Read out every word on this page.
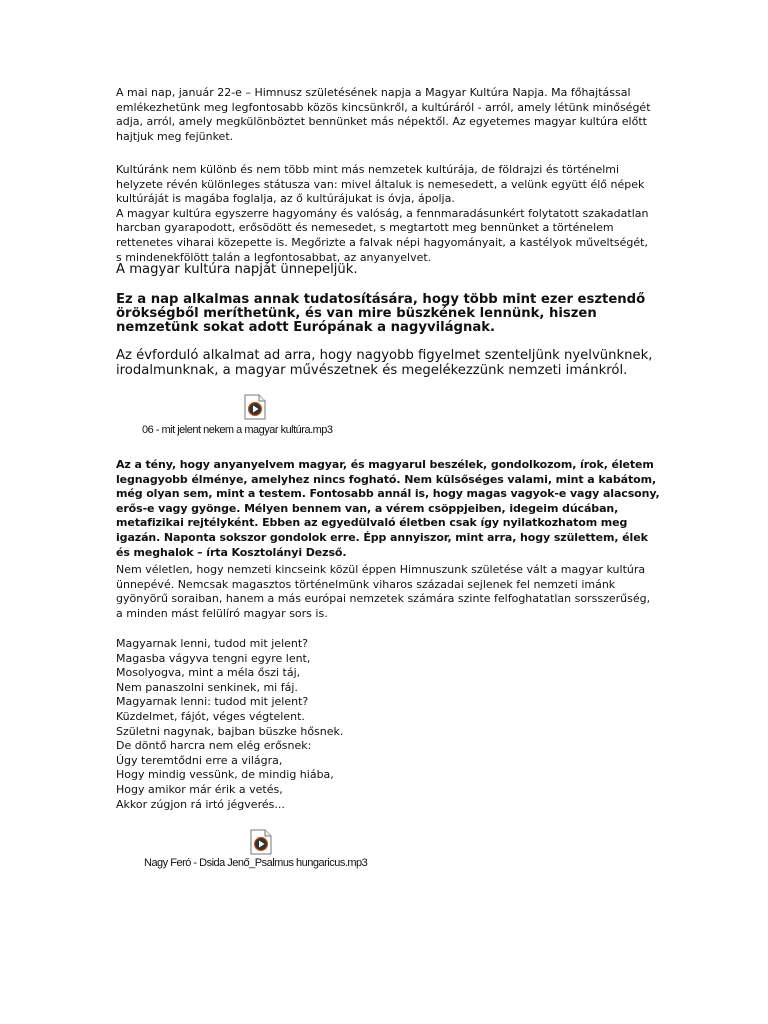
A mai nap, január 22-e – Himnusz születésének napja a Magyar Kultúra Napja. Ma főhajtással emlékezhetünk meg legfontosabb közös kincsünkről, a kultúráról - arról, amely létünk minőségét adja, arról, amely megkülönböztet bennünket más népektől. Az egyetemes magyar kultúra előtt hajtjuk meg fejünket.

Kultúránk nem különb és nem több mint más nemzetek kultúrája, de földrajzi és történelmi helyzete révén különleges státusza van: mivel általuk is nemesedett, a velünk együtt élő népek kultúráját is magába foglalja, az ő kultúrájukat is óvja, ápolja.

A magyar kultúra egyszerre hagyomány és valóság, a fennmaradásunkért folytatott szakadatlan harcban gyarapodott, erősödött és nemesedet, s megtartott meg bennünket a történelem rettenetes viharai közepette is. Megőrizte a falvak népi hagyományait, a kastélyok műveltségét, s mindenekfölött talán a legfontosabbat, az anyanyelvet.

A magyar kultúra napját ünnepeljük.

Ez a nap alkalmas annak tudatosítására, hogy több mint ezer esztendő örökségből meríthetünk, és van mire büszkének lennünk, hiszen nemzetünk sokat adott Európának a nagyvilágnak.

Az évforduló alkalmat ad arra, hogy nagyobb figyelmet szenteljünk nyelvünknek, irodalmunknak, a magyar művészetnek és megelékezzünk nemzeti imánkról.

06 - mit jelent nekem a magyar kultúra.mp3

Az a tény, hogy anyanyelvem magyar, és magyarul beszélek, gondolkozom, írok, életem legnagyobb élménye, amelyhez nincs fogható. Nem külsőséges valami, mint a kabátom, még olyan sem, mint a testem. Fontosabb annál is, hogy magas vagyok-e vagy alacsony, erős-e vagy gyönge. Mélyen bennem van, a vérem csöppjeiben, idegeim dúcában, metafizikai rejtélyként. Ebben az egyedülvaló életben csak így nyilatkozhatom meg igazán. Naponta sokszor gondolok erre. Épp annyiszor, mint arra, hogy születtem, élek és meghalok – írta Kosztolányi Dezső.

Nem véletlen, hogy nemzeti kincseink közül éppen Himnuszunk születése vált a magyar kultúra ünnepévé. Nemcsak magasztos történelmünk viharos századai sejlenek fel nemzeti imánk gyönyörű soraiban, hanem a más európai nemzetek számára szinte felfoghatatlan sorsszerűség, a minden mást felülíró magyar sors is.

Magyarnak lenni, tudod mit jelent?

Magasba vágyva tengni egyre lent,

Mosolyogva, mint a méla őszi táj,

Nem panaszolni senkinek, mi fáj.

Magyarnak lenni: tudod mit jelent?

Küzdelmet, fájót, véges végtelent.

Születni nagynak, bajban büszke hősnek.

De döntő harcra nem elég erősnek:

Úgy teremtődni erre a világra,

Hogy mindig vessünk, de mindig hiába,

Hogy amikor már érik a vetés,

Akkor zúgjon rá irtó jégverés...

Nagy Feró - Dsida Jenő_Psalmus hungaricus.mp3
